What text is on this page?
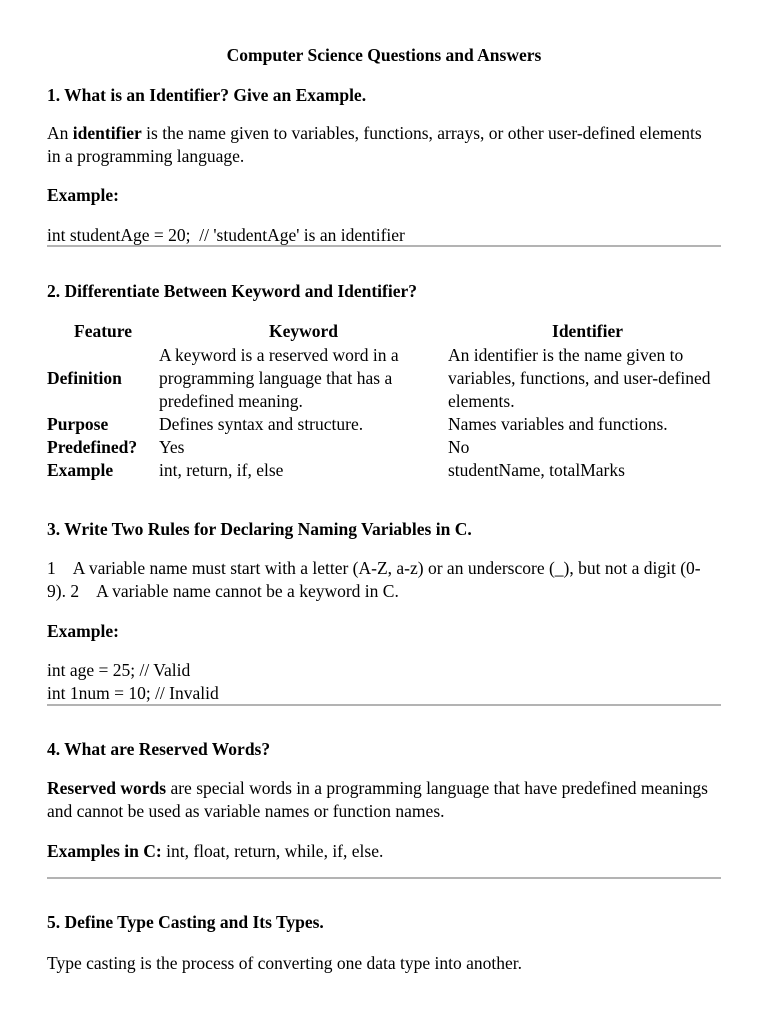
Computer Science Questions and Answers
1. What is an Identifier? Give an Example.
An identifier is the name given to variables, functions, arrays, or other user-defined elements in a programming language.
Example:
int studentAge = 20;  // 'studentAge' is an identifier
2. Differentiate Between Keyword and Identifier?
Feature	Keyword	Identifier
Definition	A keyword is a reserved word in a programming language that has a predefined meaning.	An identifier is the name given to variables, functions, and user-defined elements.
Purpose	Defines syntax and structure.	Names variables and functions.
Predefined?	Yes	No
Example	int, return, if, else	studentName, totalMarks
3. Write Two Rules for Declaring Naming Variables in C.
1⃣ A variable name must start with a letter (A-Z, a-z) or an underscore (_), but not a digit (0-9). 2⃣ A variable name cannot be a keyword in C.
Example:
int age = 25; // Valid
int 1num = 10; // Invalid
4. What are Reserved Words?
Reserved words are special words in a programming language that have predefined meanings and cannot be used as variable names or function names.
Examples in C: int, float, return, while, if, else.
5. Define Type Casting and Its Types.
Type casting is the process of converting one data type into another.
